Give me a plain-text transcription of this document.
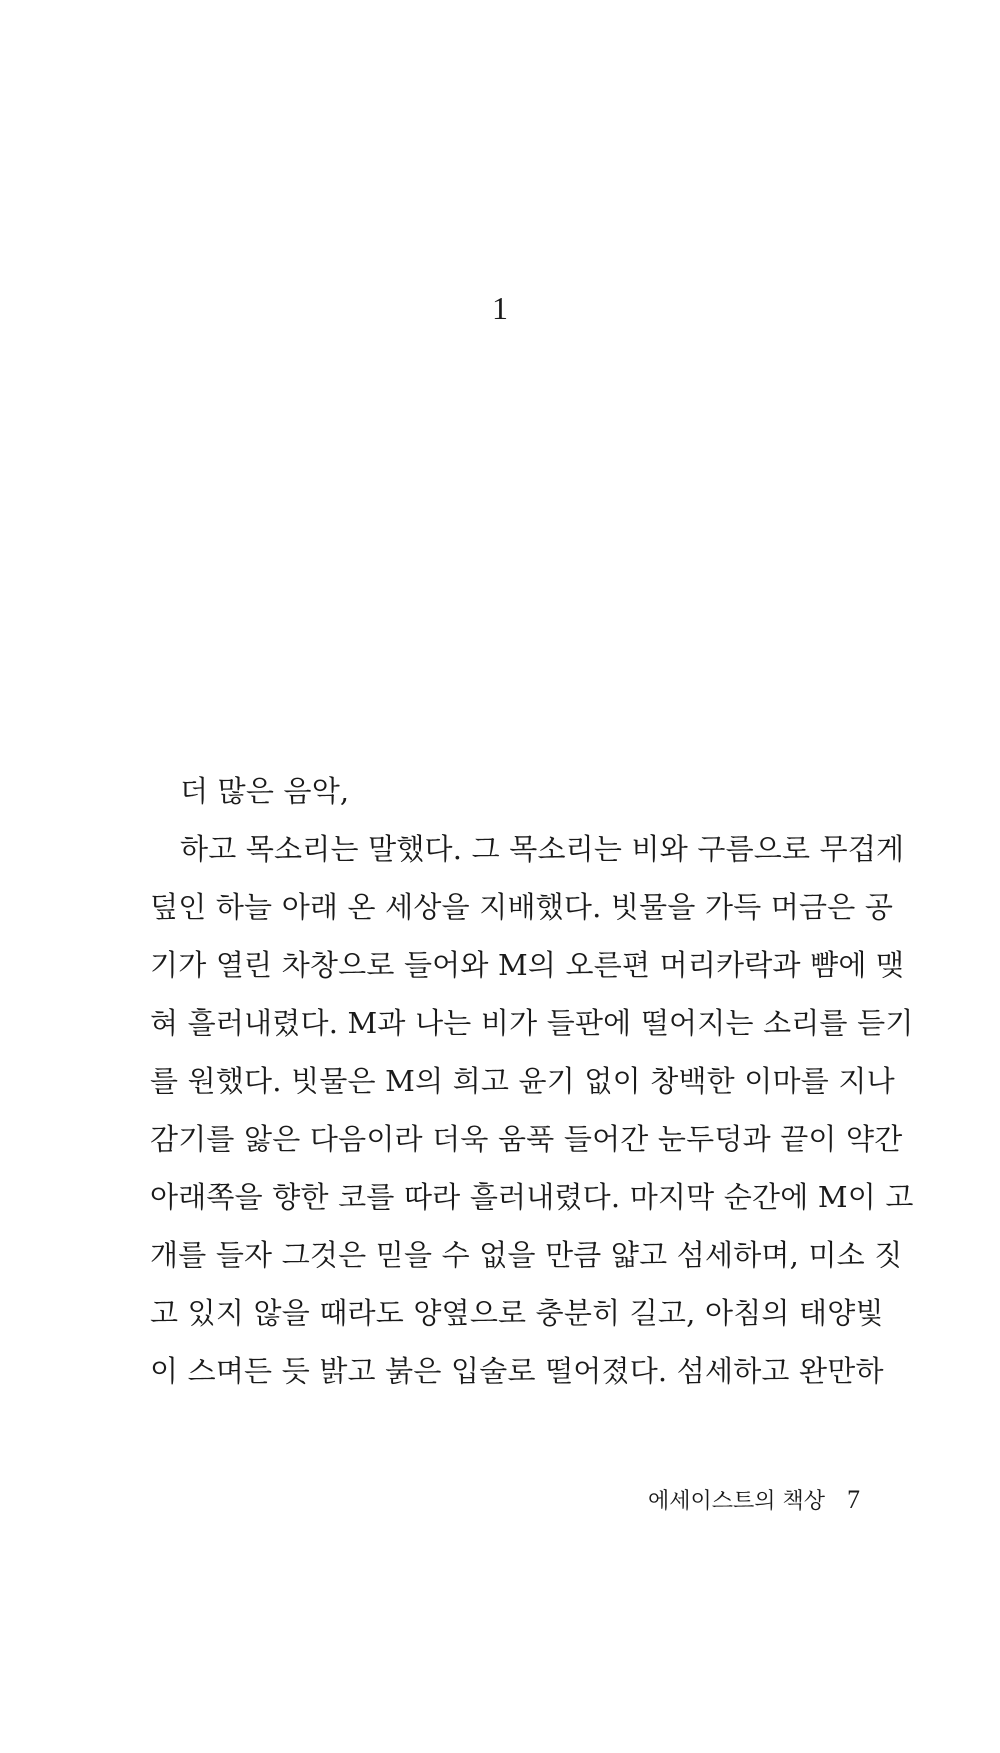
1
더 많은 음악,
하고 목소리는 말했다. 그 목소리는 비와 구름으로 무겁게
덮인 하늘 아래 온 세상을 지배했다. 빗물을 가득 머금은 공
기가 열린 차창으로 들어와 M의 오른편 머리카락과 뺨에 맺
혀 흘러내렸다. M과 나는 비가 들판에 떨어지는 소리를 듣기
를 원했다. 빗물은 M의 희고 윤기 없이 창백한 이마를 지나
감기를 앓은 다음이라 더욱 움푹 들어간 눈두덩과 끝이 약간
아래쪽을 향한 코를 따라 흘러내렸다. 마지막 순간에 M이 고
개를 들자 그것은 믿을 수 없을 만큼 얇고 섬세하며, 미소 짓
고 있지 않을 때라도 양옆으로 충분히 길고, 아침의 태양빛
이 스며든 듯 밝고 붉은 입술로 떨어졌다. 섬세하고 완만하
에세이스트의 책상 7
